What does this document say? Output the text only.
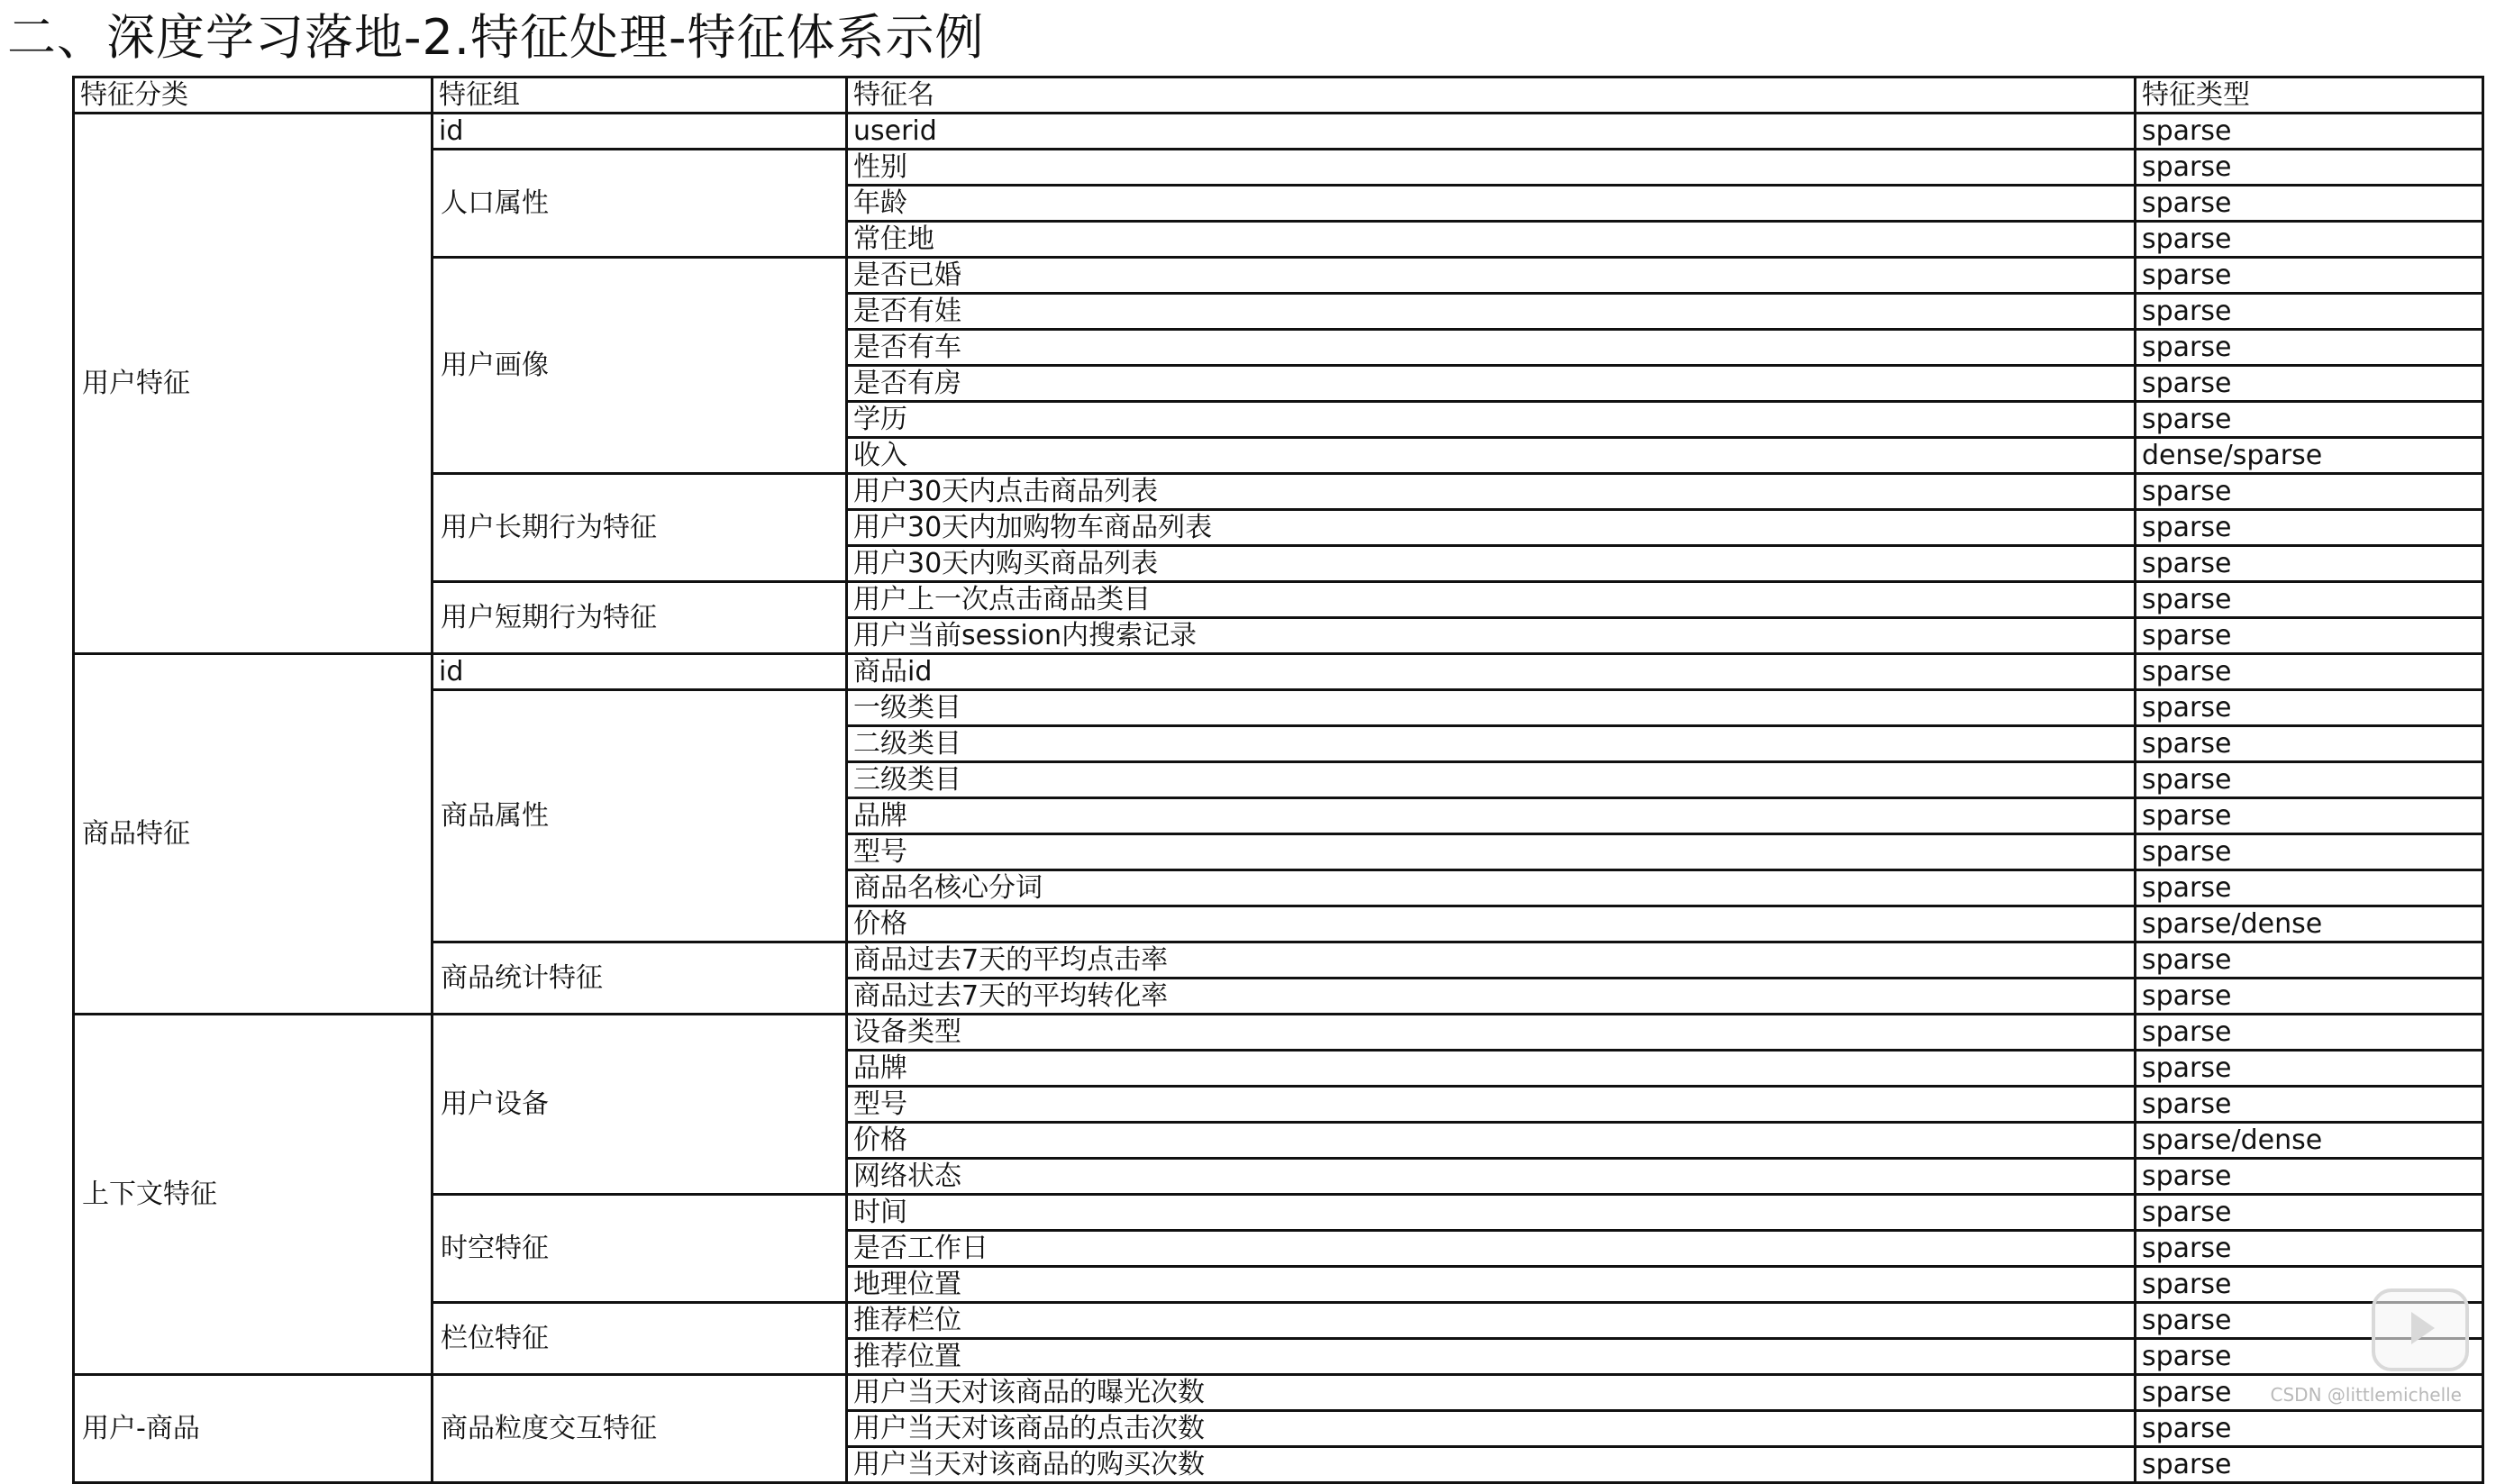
二、深度学习落地-2.特征处理-特征体系示例
特征分类	特征组	特征名	特征类型
用户特征	id	userid	sparse
	人口属性	性别	sparse
		年龄	sparse
		常住地	sparse
	用户画像	是否已婚	sparse
		是否有娃	sparse
		是否有车	sparse
		是否有房	sparse
		学历	sparse
		收入	dense/sparse
	用户长期行为特征	用户30天内点击商品列表	sparse
		用户30天内加购物车商品列表	sparse
		用户30天内购买商品列表	sparse
	用户短期行为特征	用户上一次点击商品类目	sparse
		用户当前session内搜索记录	sparse
商品特征	id	商品id	sparse
	商品属性	一级类目	sparse
		二级类目	sparse
		三级类目	sparse
		品牌	sparse
		型号	sparse
		商品名核心分词	sparse
		价格	sparse/dense
	商品统计特征	商品过去7天的平均点击率	sparse
		商品过去7天的平均转化率	sparse
上下文特征	用户设备	设备类型	sparse
		品牌	sparse
		型号	sparse
		价格	sparse/dense
		网络状态	sparse
	时空特征	时间	sparse
		是否工作日	sparse
		地理位置	sparse
	栏位特征	推荐栏位	sparse
		推荐位置	sparse
用户-商品	商品粒度交互特征	用户当天对该商品的曝光次数	sparse
		用户当天对该商品的点击次数	sparse
		用户当天对该商品的购买次数	sparse
CSDN @littlemichelle
